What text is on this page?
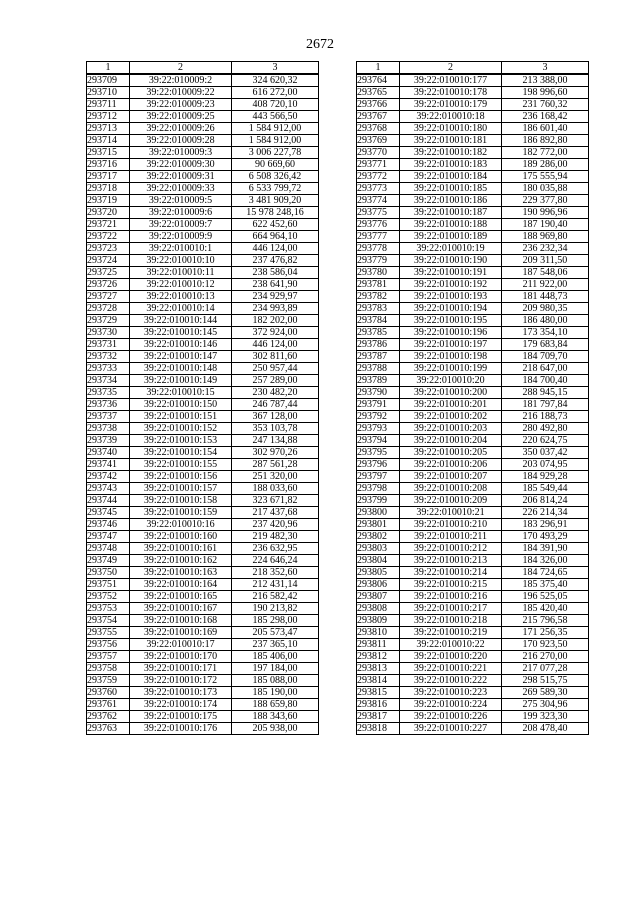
2672
1	2	3
293709	39:22:010009:2	324 620,32
293710	39:22:010009:22	616 272,00
293711	39:22:010009:23	408 720,10
293712	39:22:010009:25	443 566,50
293713	39:22:010009:26	1 584 912,00
293714	39:22:010009:28	1 584 912,00
293715	39:22:010009:3	3 006 227,78
293716	39:22:010009:30	90 669,60
293717	39:22:010009:31	6 508 326,42
293718	39:22:010009:33	6 533 799,72
293719	39:22:010009:5	3 481 909,20
293720	39:22:010009:6	15 978 248,16
293721	39:22:010009:7	622 452,60
293722	39:22:010009:9	664 964,10
293723	39:22:010010:1	446 124,00
293724	39:22:010010:10	237 476,82
293725	39:22:010010:11	238 586,04
293726	39:22:010010:12	238 641,90
293727	39:22:010010:13	234 929,97
293728	39:22:010010:14	234 993,89
293729	39:22:010010:144	182 202,00
293730	39:22:010010:145	372 924,00
293731	39:22:010010:146	446 124,00
293732	39:22:010010:147	302 811,60
293733	39:22:010010:148	250 957,44
293734	39:22:010010:149	257 289,00
293735	39:22:010010:15	230 482,20
293736	39:22:010010:150	246 787,44
293737	39:22:010010:151	367 128,00
293738	39:22:010010:152	353 103,78
293739	39:22:010010:153	247 134,88
293740	39:22:010010:154	302 970,26
293741	39:22:010010:155	287 561,28
293742	39:22:010010:156	251 320,00
293743	39:22:010010:157	188 033,60
293744	39:22:010010:158	323 671,82
293745	39:22:010010:159	217 437,68
293746	39:22:010010:16	237 420,96
293747	39:22:010010:160	219 482,30
293748	39:22:010010:161	236 632,95
293749	39:22:010010:162	224 646,24
293750	39:22:010010:163	218 352,60
293751	39:22:010010:164	212 431,14
293752	39:22:010010:165	216 582,42
293753	39:22:010010:167	190 213,82
293754	39:22:010010:168	185 298,00
293755	39:22:010010:169	205 573,47
293756	39:22:010010:17	237 365,10
293757	39:22:010010:170	185 406,00
293758	39:22:010010:171	197 184,00
293759	39:22:010010:172	185 088,00
293760	39:22:010010:173	185 190,00
293761	39:22:010010:174	188 659,80
293762	39:22:010010:175	188 343,60
293763	39:22:010010:176	205 938,00
1	2	3
293764	39:22:010010:177	213 388,00
293765	39:22:010010:178	198 996,60
293766	39:22:010010:179	231 760,32
293767	39:22:010010:18	236 168,42
293768	39:22:010010:180	186 601,40
293769	39:22:010010:181	186 892,80
293770	39:22:010010:182	182 772,00
293771	39:22:010010:183	189 286,00
293772	39:22:010010:184	175 555,94
293773	39:22:010010:185	180 035,88
293774	39:22:010010:186	229 377,80
293775	39:22:010010:187	190 996,96
293776	39:22:010010:188	187 190,40
293777	39:22:010010:189	188 969,80
293778	39:22:010010:19	236 232,34
293779	39:22:010010:190	209 311,50
293780	39:22:010010:191	187 548,06
293781	39:22:010010:192	211 922,00
293782	39:22:010010:193	181 448,73
293783	39:22:010010:194	209 980,35
293784	39:22:010010:195	186 480,00
293785	39:22:010010:196	173 354,10
293786	39:22:010010:197	179 683,84
293787	39:22:010010:198	184 709,70
293788	39:22:010010:199	218 647,00
293789	39:22:010010:20	184 700,40
293790	39:22:010010:200	288 945,15
293791	39:22:010010:201	181 797,84
293792	39:22:010010:202	216 188,73
293793	39:22:010010:203	280 492,80
293794	39:22:010010:204	220 624,75
293795	39:22:010010:205	350 037,42
293796	39:22:010010:206	203 074,95
293797	39:22:010010:207	184 929,28
293798	39:22:010010:208	185 549,44
293799	39:22:010010:209	206 814,24
293800	39:22:010010:21	226 214,34
293801	39:22:010010:210	183 296,91
293802	39:22:010010:211	170 493,29
293803	39:22:010010:212	184 391,90
293804	39:22:010010:213	184 326,00
293805	39:22:010010:214	184 724,65
293806	39:22:010010:215	185 375,40
293807	39:22:010010:216	196 525,05
293808	39:22:010010:217	185 420,40
293809	39:22:010010:218	215 796,58
293810	39:22:010010:219	171 256,35
293811	39:22:010010:22	170 923,50
293812	39:22:010010:220	216 270,00
293813	39:22:010010:221	217 077,28
293814	39:22:010010:222	298 515,75
293815	39:22:010010:223	269 589,30
293816	39:22:010010:224	275 304,96
293817	39:22:010010:226	199 323,30
293818	39:22:010010:227	208 478,40
